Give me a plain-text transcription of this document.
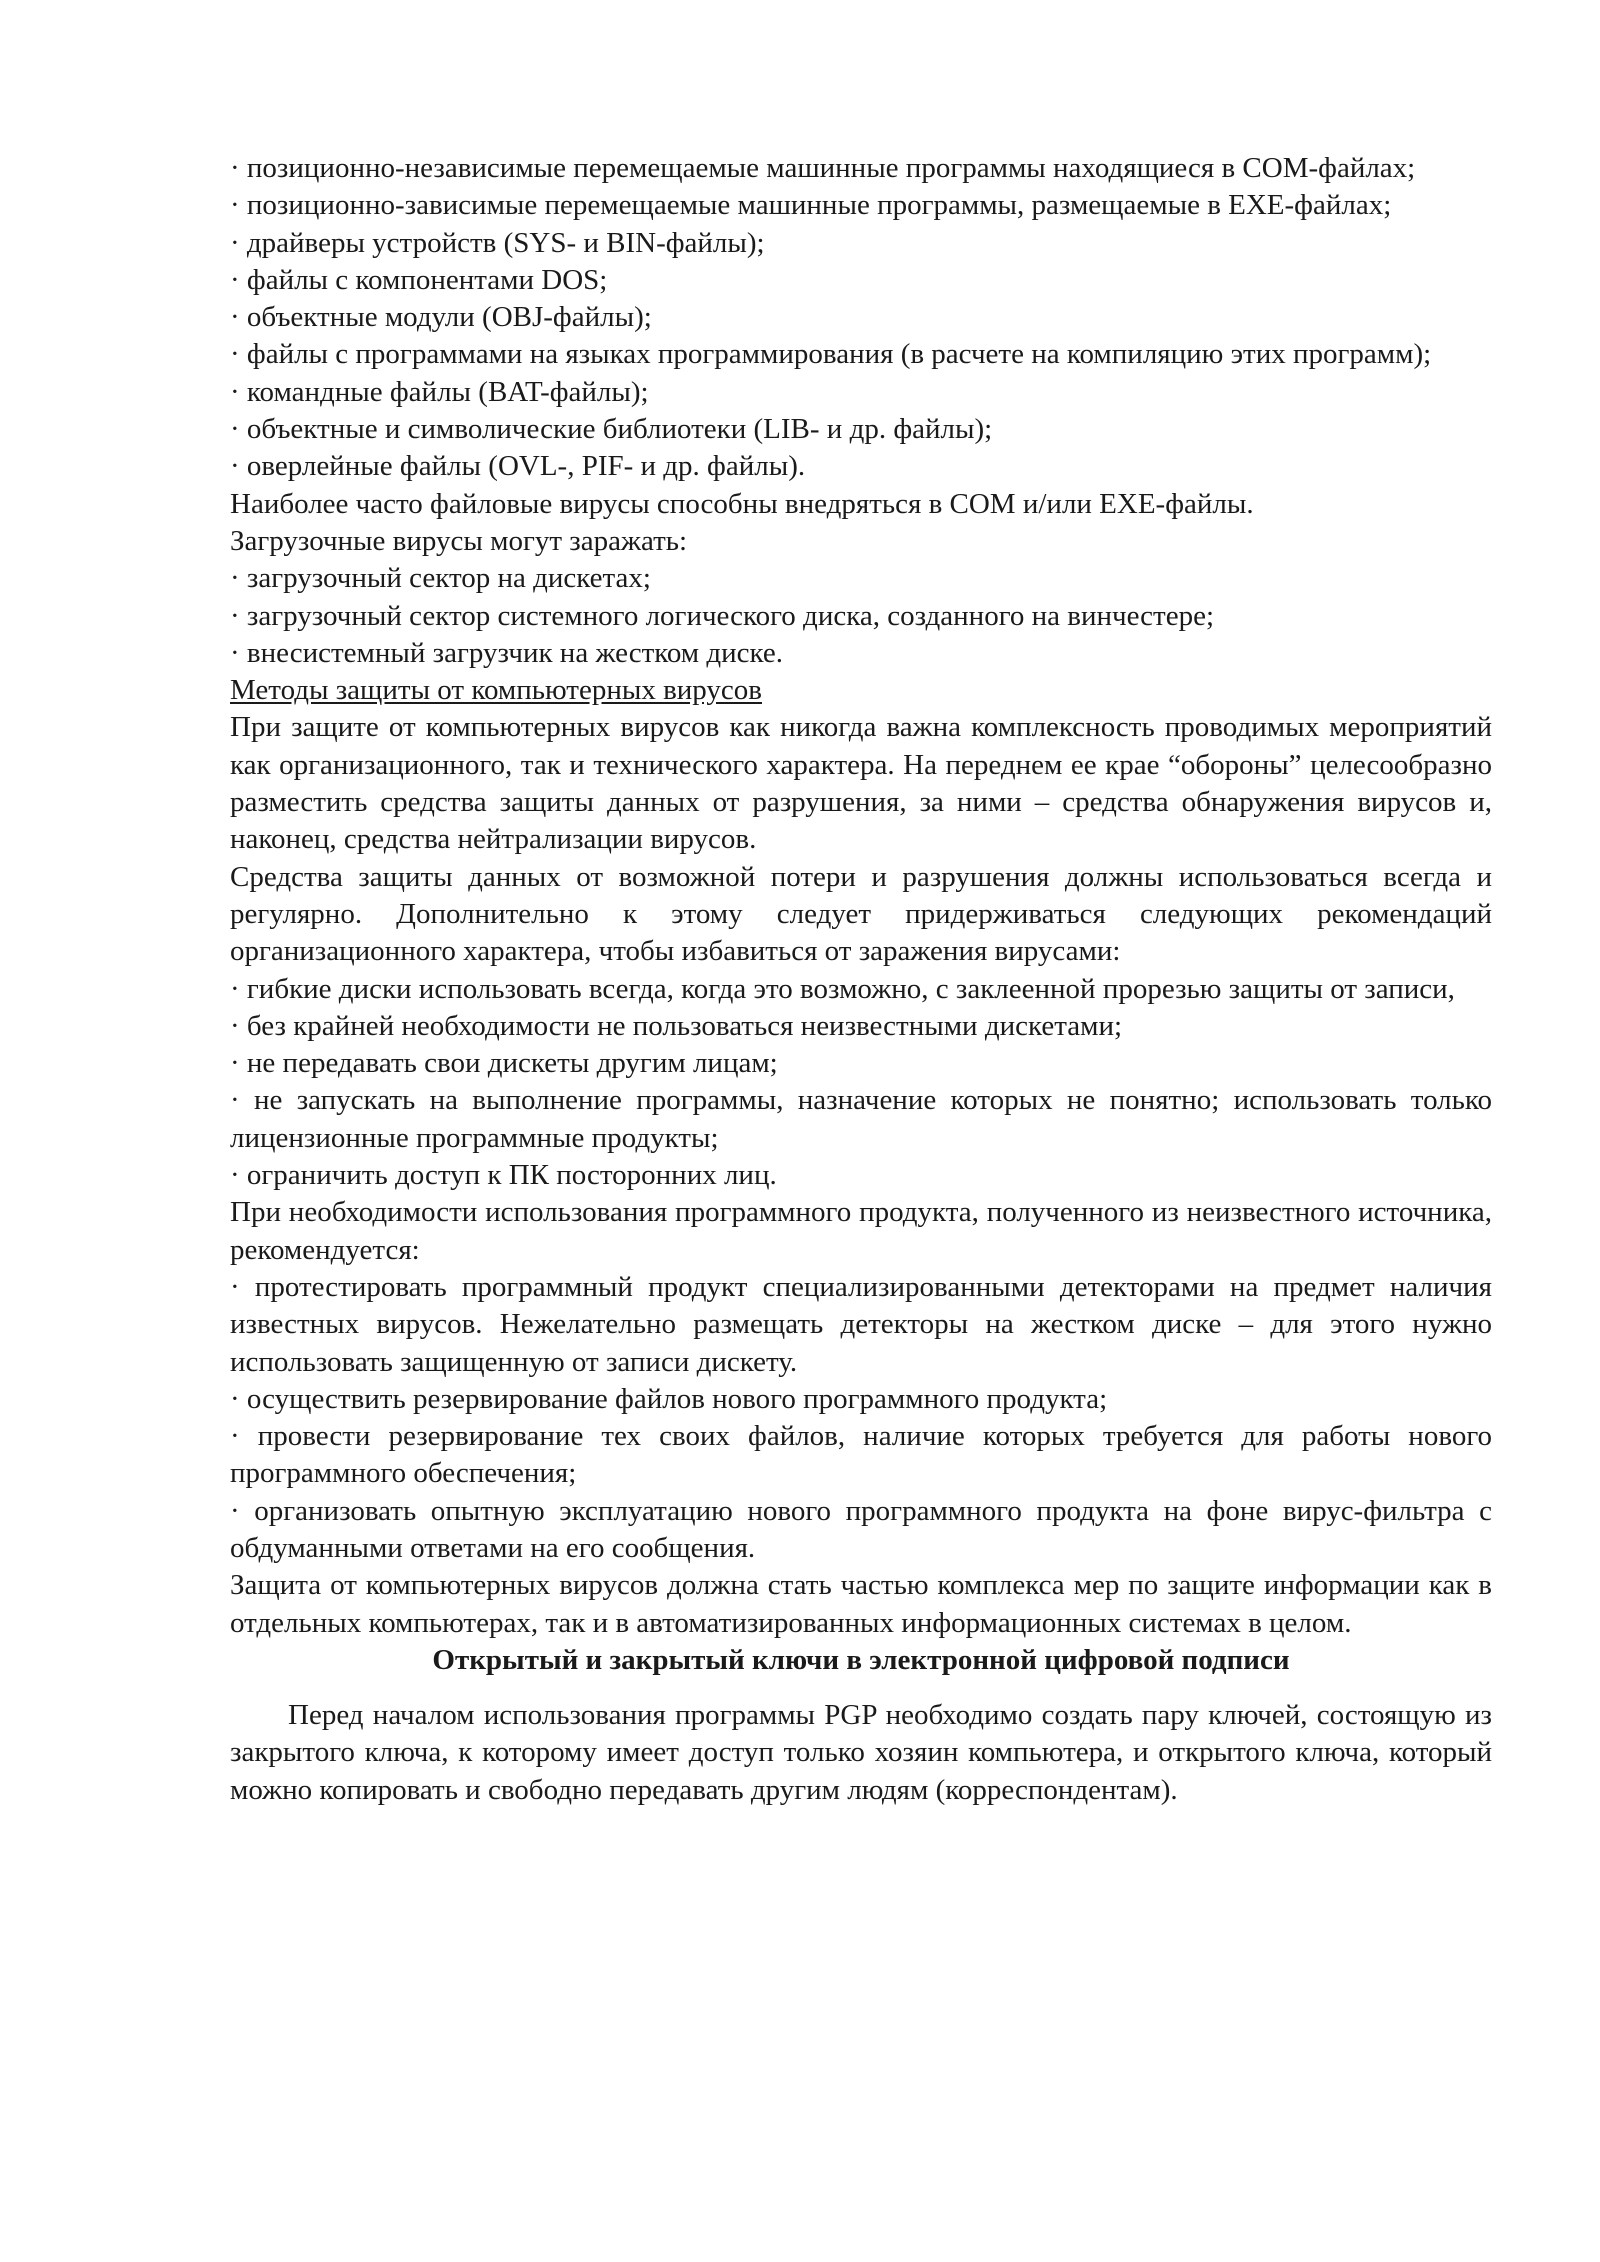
· позиционно-независимые перемещаемые машинные программы находящиеся в COM-файлах;
· позиционно-зависимые перемещаемые машинные программы, размещаемые в EXE-файлах;
· драйверы устройств (SYS- и BIN-файлы);
· файлы с компонентами DOS;
· объектные модули (OBJ-файлы);
· файлы с программами на языках программирования (в расчете на компиляцию этих программ);
· командные файлы (BAT-файлы);
· объектные и символические библиотеки (LIB- и др. файлы);
· оверлейные файлы (OVL-, PIF- и др. файлы).
Наиболее часто файловые вирусы способны внедряться в COM и/или EXE-файлы.
Загрузочные вирусы могут заражать:
· загрузочный сектор на дискетах;
· загрузочный сектор системного логического диска, созданного на винчестере;
· внесистемный загрузчик на жестком диске.
Методы защиты от компьютерных вирусов
При защите от компьютерных вирусов как никогда важна комплексность проводимых мероприятий как организационного, так и технического характера. На переднем ее крае “обороны” целесообразно разместить средства защиты данных от разрушения, за ними – средства обнаружения вирусов и, наконец, средства нейтрализации вирусов.
Средства защиты данных от возможной потери и разрушения должны использоваться всегда и регулярно. Дополнительно к этому следует придерживаться следующих рекомендаций организационного характера, чтобы избавиться от заражения вирусами:
· гибкие диски использовать всегда, когда это возможно, с заклеенной прорезью защиты от записи,
· без крайней необходимости не пользоваться неизвестными дискетами;
· не передавать свои дискеты другим лицам;
· не запускать на выполнение программы, назначение которых не понятно; использовать только лицензионные программные продукты;
· ограничить доступ к ПК посторонних лиц.
При необходимости использования программного продукта, полученного из неизвестного источника, рекомендуется:
· протестировать программный продукт специализированными детекторами на предмет наличия известных вирусов. Нежелательно размещать детекторы на жестком диске – для этого нужно использовать защищенную от записи дискету.
· осуществить резервирование файлов нового программного продукта;
· провести резервирование тех своих файлов, наличие которых требуется для работы нового программного обеспечения;
· организовать опытную эксплуатацию нового программного продукта на фоне вирус-фильтра с обдуманными ответами на его сообщения.
Защита от компьютерных вирусов должна стать частью комплекса мер по защите информации как в отдельных компьютерах, так и в автоматизированных информационных системах в целом.
Открытый и закрытый ключи в электронной цифровой подписи
Перед началом использования программы PGP необходимо создать пару ключей, состоящую из закрытого ключа, к которому имеет доступ только хозяин компьютера, и открытого ключа, который можно копировать и свободно передавать другим людям (корреспондентам).
